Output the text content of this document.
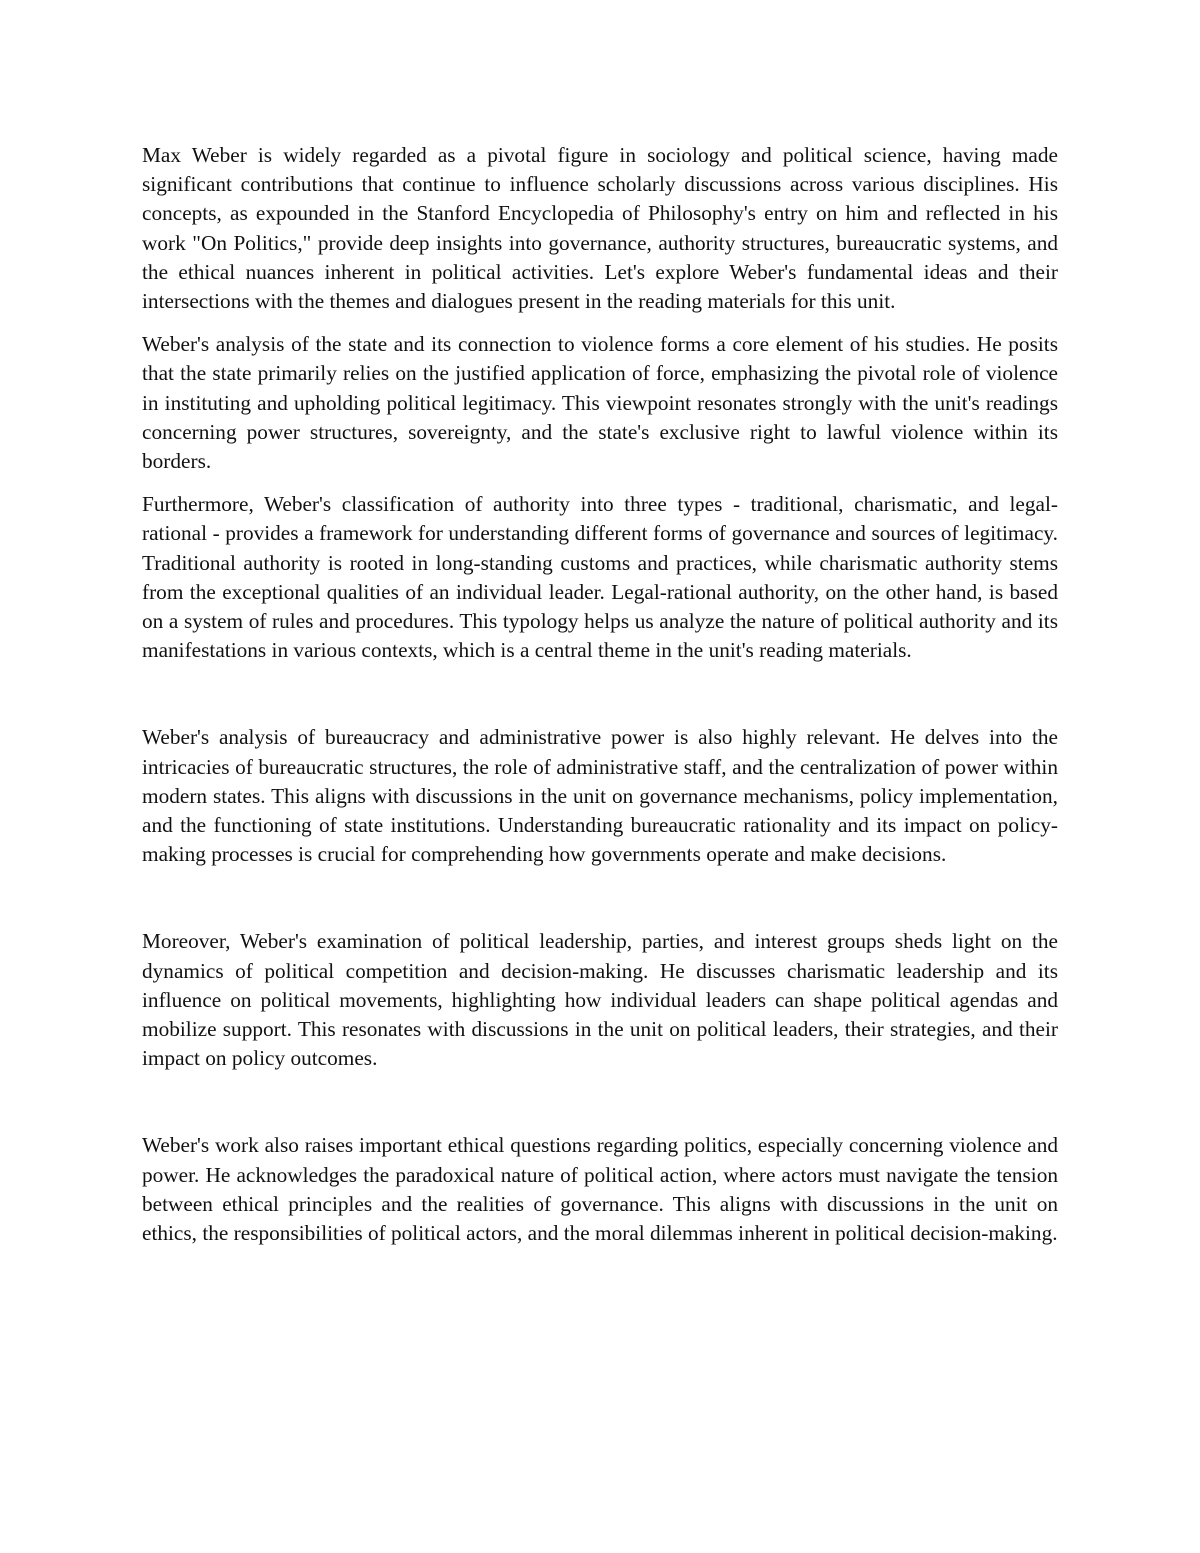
Max Weber is widely regarded as a pivotal figure in sociology and political science, having made significant contributions that continue to influence scholarly discussions across various disciplines. His concepts, as expounded in the Stanford Encyclopedia of Philosophy's entry on him and reflected in his work "On Politics," provide deep insights into governance, authority structures, bureaucratic systems, and the ethical nuances inherent in political activities. Let's explore Weber's fundamental ideas and their intersections with the themes and dialogues present in the reading materials for this unit.

Weber's analysis of the state and its connection to violence forms a core element of his studies. He posits that the state primarily relies on the justified application of force, emphasizing the pivotal role of violence in instituting and upholding political legitimacy. This viewpoint resonates strongly with the unit's readings concerning power structures, sovereignty, and the state's exclusive right to lawful violence within its borders.

Furthermore, Weber's classification of authority into three types - traditional, charismatic, and legal-rational - provides a framework for understanding different forms of governance and sources of legitimacy. Traditional authority is rooted in long-standing customs and practices, while charismatic authority stems from the exceptional qualities of an individual leader. Legal-rational authority, on the other hand, is based on a system of rules and procedures. This typology helps us analyze the nature of political authority and its manifestations in various contexts, which is a central theme in the unit's reading materials.

Weber's analysis of bureaucracy and administrative power is also highly relevant. He delves into the intricacies of bureaucratic structures, the role of administrative staff, and the centralization of power within modern states. This aligns with discussions in the unit on governance mechanisms, policy implementation, and the functioning of state institutions. Understanding bureaucratic rationality and its impact on policy-making processes is crucial for comprehending how governments operate and make decisions.

Moreover, Weber's examination of political leadership, parties, and interest groups sheds light on the dynamics of political competition and decision-making. He discusses charismatic leadership and its influence on political movements, highlighting how individual leaders can shape political agendas and mobilize support. This resonates with discussions in the unit on political leaders, their strategies, and their impact on policy outcomes.

Weber's work also raises important ethical questions regarding politics, especially concerning violence and power. He acknowledges the paradoxical nature of political action, where actors must navigate the tension between ethical principles and the realities of governance. This aligns with discussions in the unit on ethics, the responsibilities of political actors, and the moral dilemmas inherent in political decision-making.
